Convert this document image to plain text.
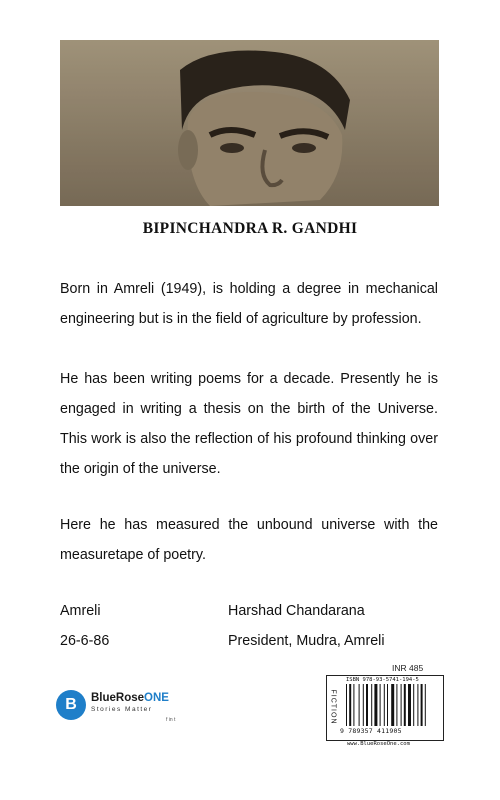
BIPINCHANDRA R. GANDHI

Born in Amreli (1949), is holding a degree in mechanical engineering but is in the field of agriculture by profession.

He has been writing poems for a decade. Presently he is engaged in writing a thesis on the birth of the Universe. This work is also the reflection of his profound thinking over the origin of the universe.

Here he has measured the unbound universe with the measuretape of poetry.

Amreli
26-6-86
Harshad Chandarana
President, Mudra, Amreli
B	BlueRoseONE
Stories Matter
f in t
INR 485
FICTION
ISBN 978-93-5741-194-5
9 789357 411905
www.BlueRoseOne.com
